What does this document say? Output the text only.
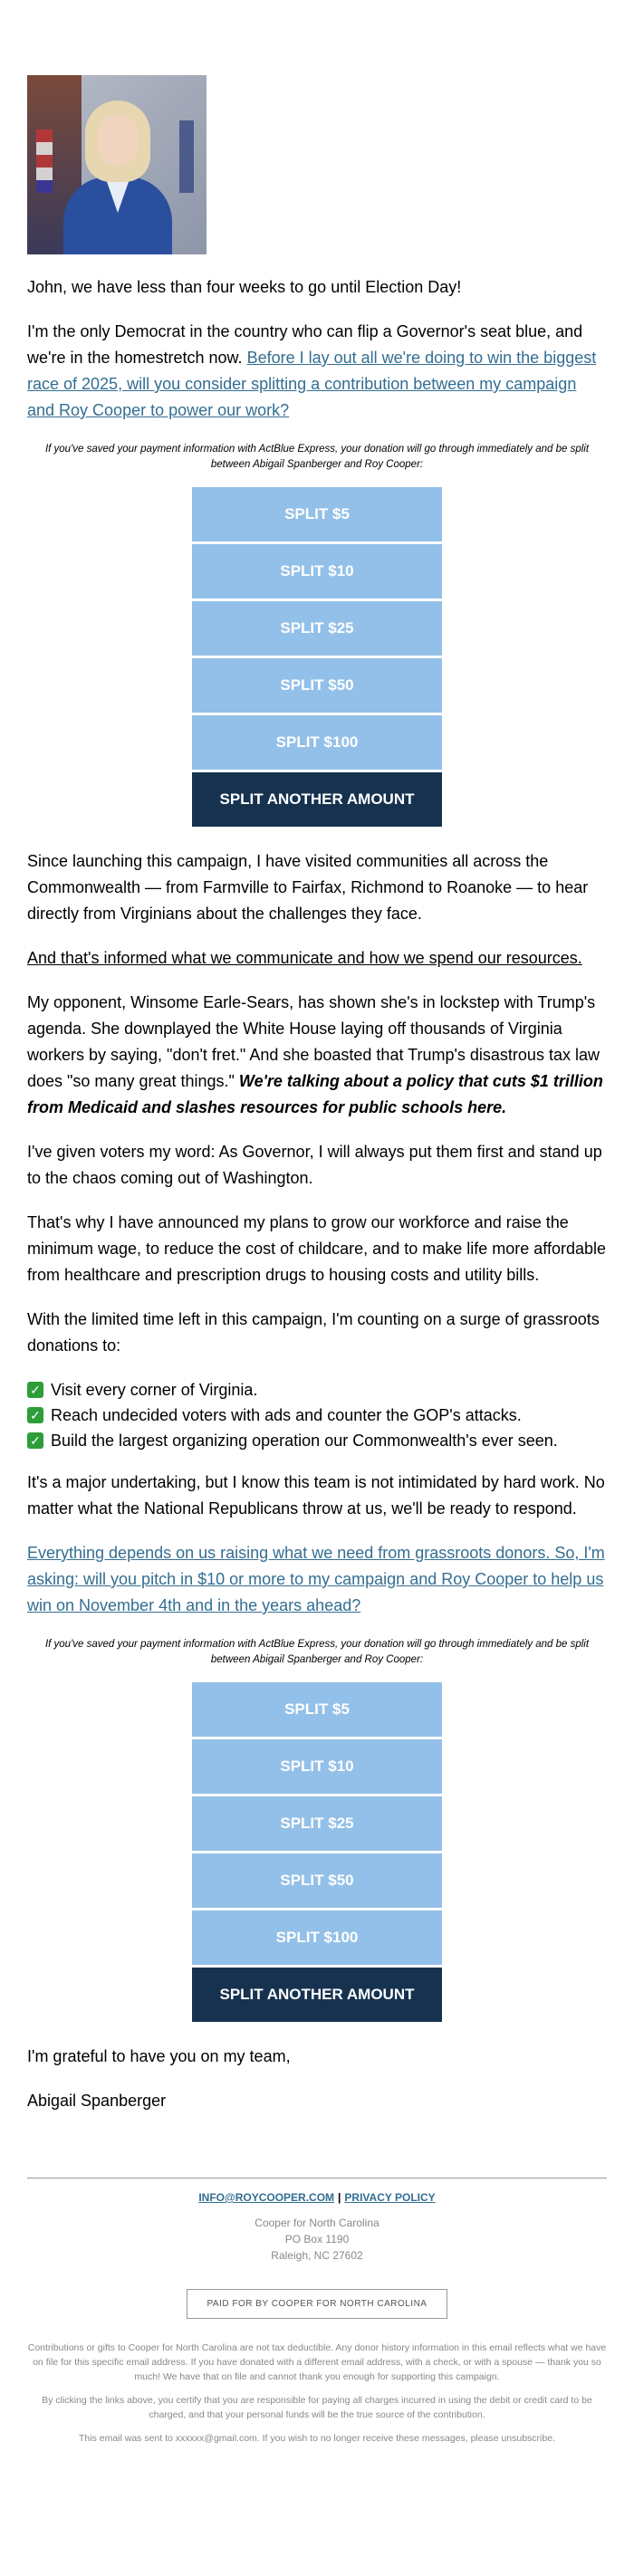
John, we have less than four weeks to go until Election Day!

I'm the only Democrat in the country who can flip a Governor's seat blue, and we're in the homestretch now. Before I lay out all we're doing to win the biggest race of 2025, will you consider splitting a contribution between my campaign and Roy Cooper to power our work?

If you've saved your payment information with ActBlue Express, your donation will go through immediately and be split between Abigail Spanberger and Roy Cooper:

SPLIT $5
SPLIT $10
SPLIT $25
SPLIT $50
SPLIT $100
SPLIT ANOTHER AMOUNT

Since launching this campaign, I have visited communities all across the Commonwealth — from Farmville to Fairfax, Richmond to Roanoke — to hear directly from Virginians about the challenges they face.

And that's informed what we communicate and how we spend our resources.

My opponent, Winsome Earle-Sears, has shown she's in lockstep with Trump's agenda. She downplayed the White House laying off thousands of Virginia workers by saying, "don't fret." And she boasted that Trump's disastrous tax law does "so many great things." We're talking about a policy that cuts $1 trillion from Medicaid and slashes resources for public schools here.

I've given voters my word: As Governor, I will always put them first and stand up to the chaos coming out of Washington.

That's why I have announced my plans to grow our workforce and raise the minimum wage, to reduce the cost of childcare, and to make life more affordable from healthcare and prescription drugs to housing costs and utility bills.

With the limited time left in this campaign, I'm counting on a surge of grassroots donations to:

✓ Visit every corner of Virginia.
✓ Reach undecided voters with ads and counter the GOP's attacks.
✓ Build the largest organizing operation our Commonwealth's ever seen.

It's a major undertaking, but I know this team is not intimidated by hard work. No matter what the National Republicans throw at us, we'll be ready to respond.

Everything depends on us raising what we need from grassroots donors. So, I'm asking: will you pitch in $10 or more to my campaign and Roy Cooper to help us win on November 4th and in the years ahead?

If you've saved your payment information with ActBlue Express, your donation will go through immediately and be split between Abigail Spanberger and Roy Cooper:

SPLIT $5
SPLIT $10
SPLIT $25
SPLIT $50
SPLIT $100
SPLIT ANOTHER AMOUNT

I'm grateful to have you on my team,

Abigail Spanberger

INFO@ROYCOOPER.COM | PRIVACY POLICY
Cooper for North Carolina
PO Box 1190
Raleigh, NC 27602
PAID FOR BY COOPER FOR NORTH CAROLINA

Contributions or gifts to Cooper for North Carolina are not tax deductible. Any donor history information in this email reflects what we have on file for this specific email address. If you have donated with a different email address, with a check, or with a spouse — thank you so much! We have that on file and cannot thank you enough for supporting this campaign.

By clicking the links above, you certify that you are responsible for paying all charges incurred in using the debit or credit card to be charged, and that your personal funds will be the true source of the contribution.

This email was sent to xxxxxx@gmail.com. If you wish to no longer receive these messages, please unsubscribe.
